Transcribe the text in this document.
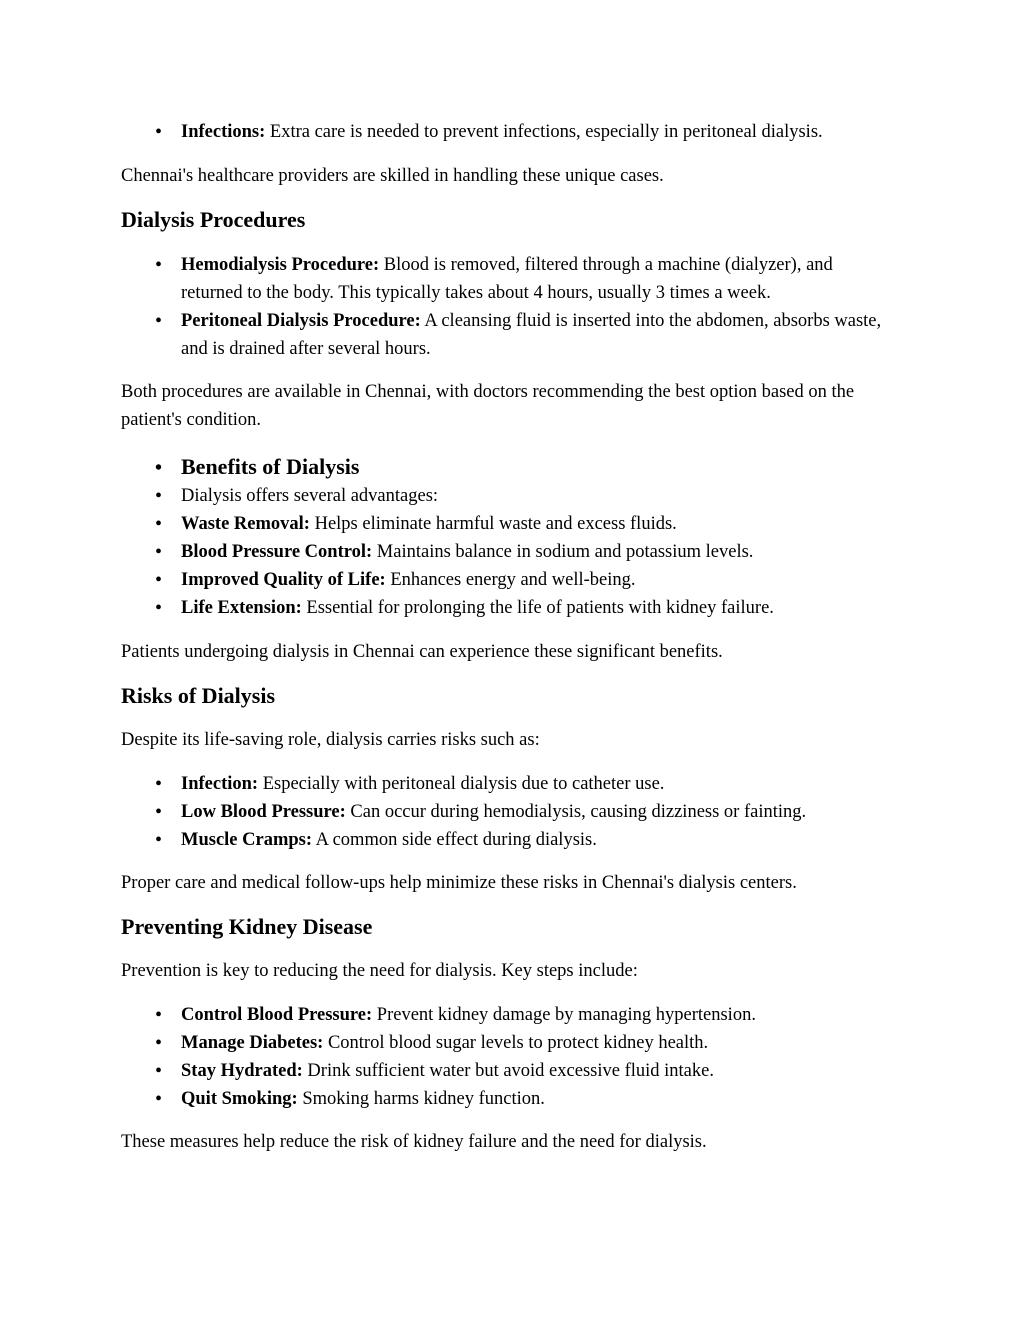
• Infections: Extra care is needed to prevent infections, especially in peritoneal dialysis.

Chennai's healthcare providers are skilled in handling these unique cases.

Dialysis Procedures
• Hemodialysis Procedure: Blood is removed, filtered through a machine (dialyzer), and returned to the body. This typically takes about 4 hours, usually 3 times a week.
• Peritoneal Dialysis Procedure: A cleansing fluid is inserted into the abdomen, absorbs waste, and is drained after several hours.

Both procedures are available in Chennai, with doctors recommending the best option based on the patient's condition.

• Benefits of Dialysis
• Dialysis offers several advantages:
• Waste Removal: Helps eliminate harmful waste and excess fluids.
• Blood Pressure Control: Maintains balance in sodium and potassium levels.
• Improved Quality of Life: Enhances energy and well-being.
• Life Extension: Essential for prolonging the life of patients with kidney failure.

Patients undergoing dialysis in Chennai can experience these significant benefits.

Risks of Dialysis

Despite its life-saving role, dialysis carries risks such as:

• Infection: Especially with peritoneal dialysis due to catheter use.
• Low Blood Pressure: Can occur during hemodialysis, causing dizziness or fainting.
• Muscle Cramps: A common side effect during dialysis.

Proper care and medical follow-ups help minimize these risks in Chennai's dialysis centers.

Preventing Kidney Disease

Prevention is key to reducing the need for dialysis. Key steps include:

• Control Blood Pressure: Prevent kidney damage by managing hypertension.
• Manage Diabetes: Control blood sugar levels to protect kidney health.
• Stay Hydrated: Drink sufficient water but avoid excessive fluid intake.
• Quit Smoking: Smoking harms kidney function.

These measures help reduce the risk of kidney failure and the need for dialysis.
